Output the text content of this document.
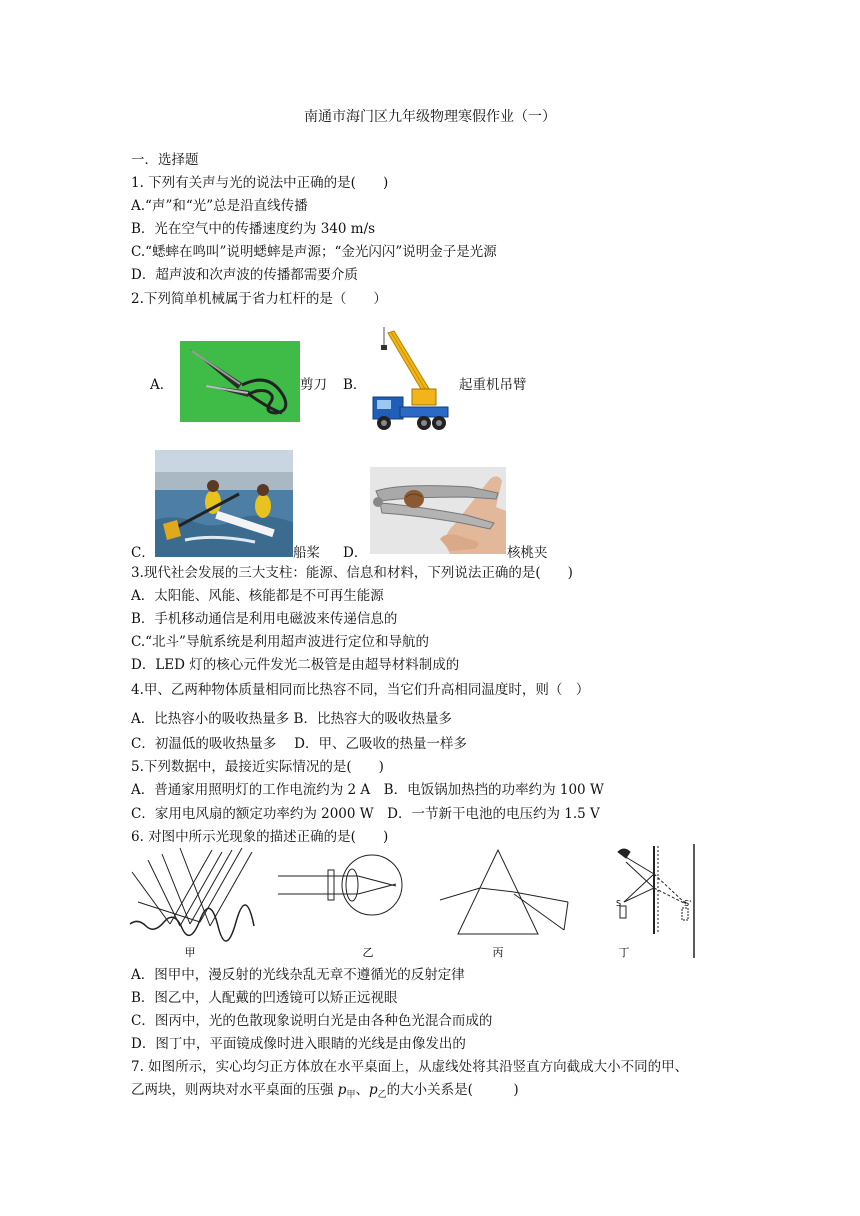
南通市海门区九年级物理寒假作业（一）
一．选择题
1. 下列有关声与光的说法中正确的是(　　)
A.“声”和“光”总是沿直线传播
B．光在空气中的传播速度约为 340 m/s
C.“蟋蟀在鸣叫”说明蟋蟀是声源；“金光闪闪”说明金子是光源
D．超声波和次声波的传播都需要介质
2.下列简单机械属于省力杠杆的是（　　）
A．	剪刀 B．	起重机吊臂
C．	船桨 D．	核桃夹
3.现代社会发展的三大支柱：能源、信息和材料，下列说法正确的是(　　)
A．太阳能、风能、核能都是不可再生能源
B．手机移动通信是利用电磁波来传递信息的
C.“北斗”导航系统是利用超声波进行定位和导航的
D．LED 灯的核心元件发光二极管是由超导材料制成的
4.甲、乙两种物体质量相同而比热容不同，当它们升高相同温度时，则（　）
A．比热容小的吸收热量多 B．比热容大的吸收热量多
C．初温低的吸收热量多　 D．甲、乙吸收的热量一样多
5.下列数据中，最接近实际情况的是(　　)
A．普通家用照明灯的工作电流约为 2 A　B．电饭锅加热挡的功率约为 100 W
C．家用电风扇的额定功率约为 2000 W　D．一节新干电池的电压约为 1.5 V
6. 对图中所示光现象的描述正确的是(　　)
甲	乙	丙
S	S'
丁
A．图甲中，漫反射的光线杂乱无章不遵循光的反射定律
B．图乙中，人配戴的凹透镜可以矫正远视眼
C．图丙中，光的色散现象说明白光是由各种色光混合而成的
D．图丁中，平面镜成像时进入眼睛的光线是由像发出的
7. 如图所示，实心均匀正方体放在水平桌面上，从虚线处将其沿竖直方向截成大小不同的甲、
乙两块，则两块对水平桌面的压强 $p_甲$、$p_乙$的大小关系是(　　　)
